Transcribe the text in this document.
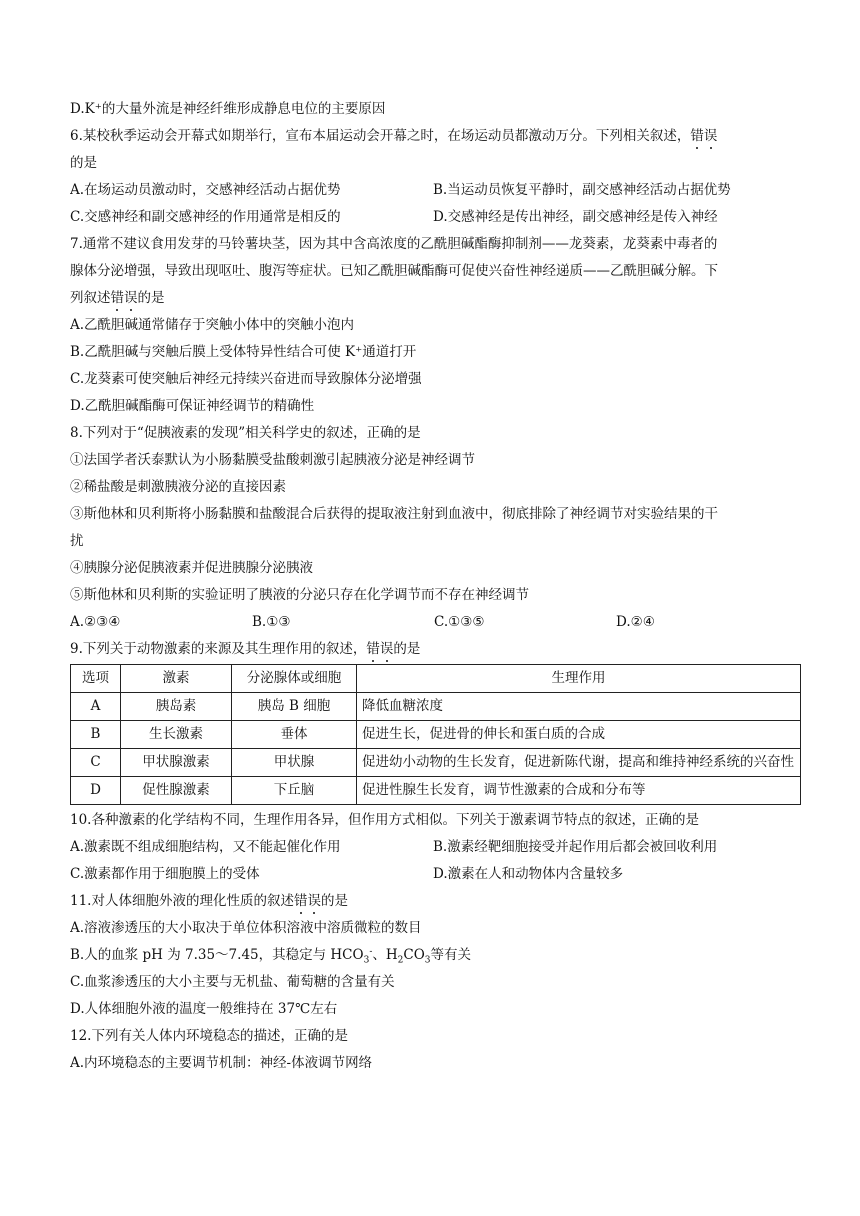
D.K⁺的大量外流是神经纤维形成静息电位的主要原因
6.某校秋季运动会开幕式如期举行，宣布本届运动会开幕之时，在场运动员都激动万分。下列相关叙述，错误
的是
A.在场运动员激动时，交感神经活动占据优势	B.当运动员恢复平静时，副交感神经活动占据优势
C.交感神经和副交感神经的作用通常是相反的	D.交感神经是传出神经，副交感神经是传入神经
7.通常不建议食用发芽的马铃薯块茎，因为其中含高浓度的乙酰胆碱酯酶抑制剂——龙葵素，龙葵素中毒者的
腺体分泌增强，导致出现呕吐、腹泻等症状。已知乙酰胆碱酯酶可促使兴奋性神经递质——乙酰胆碱分解。下
列叙述错误的是
A.乙酰胆碱通常储存于突触小体中的突触小泡内
B.乙酰胆碱与突触后膜上受体特异性结合可使 K⁺通道打开
C.龙葵素可使突触后神经元持续兴奋进而导致腺体分泌增强
D.乙酰胆碱酯酶可保证神经调节的精确性
8.下列对于“促胰液素的发现”相关科学史的叙述，正确的是
①法国学者沃泰默认为小肠黏膜受盐酸刺激引起胰液分泌是神经调节
②稀盐酸是刺激胰液分泌的直接因素
③斯他林和贝利斯将小肠黏膜和盐酸混合后获得的提取液注射到血液中，彻底排除了神经调节对实验结果的干
扰
④胰腺分泌促胰液素并促进胰腺分泌胰液
⑤斯他林和贝利斯的实验证明了胰液的分泌只存在化学调节而不存在神经调节
A.②③④	B.①③	C.①③⑤	D.②④
9.下列关于动物激素的来源及其生理作用的叙述，错误的是
选项	激素	分泌腺体或细胞	生理作用
A	胰岛素	胰岛 B 细胞	降低血糖浓度
B	生长激素	垂体	促进生长，促进骨的伸长和蛋白质的合成
C	甲状腺激素	甲状腺	促进幼小动物的生长发育，促进新陈代谢，提高和维持神经系统的兴奋性
D	促性腺激素	下丘脑	促进性腺生长发育，调节性激素的合成和分布等
10.各种激素的化学结构不同，生理作用各异，但作用方式相似。下列关于激素调节特点的叙述，正确的是
A.激素既不组成细胞结构，又不能起催化作用	B.激素经靶细胞接受并起作用后都会被回收利用
C.激素都作用于细胞膜上的受体	D.激素在人和动物体内含量较多
11.对人体细胞外液的理化性质的叙述错误的是
A.溶液渗透压的大小取决于单位体积溶液中溶质微粒的数目
B.人的血浆 pH 为 7.35～7.45，其稳定与 $HCO_3^-$、$H_2CO_3$等有关
C.血浆渗透压的大小主要与无机盐、葡萄糖的含量有关
D.人体细胞外液的温度一般维持在 37℃左右
12.下列有关人体内环境稳态的描述，正确的是
A.内环境稳态的主要调节机制：神经-体液调节网络
